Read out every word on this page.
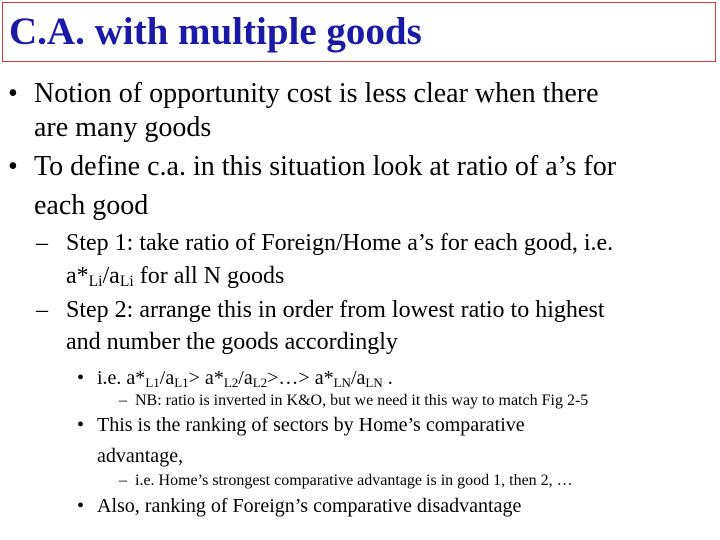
C.A. with multiple goods
• Notion of opportunity cost is less clear when there
are many goods
• To define c.a. in this situation look at ratio of a’s for
each good
– Step 1: take ratio of Foreign/Home a’s for each good, i.e.
$a*_{Li}/a_{Li}$ for all N goods
– Step 2: arrange this in order from lowest ratio to highest
and number the goods accordingly
• i.e. $a*_{L1}/a_{L1}>$ $a*_{L2}/a_{L2}>\dots> a*_{LN}/a_{LN}$ .
– NB: ratio is inverted in K&O, but we need it this way to match Fig 2-5
• This is the ranking of sectors by Home’s comparative
advantage,
– i.e. Home’s strongest comparative advantage is in good 1, then 2, …
• Also, ranking of Foreign’s comparative disadvantage
